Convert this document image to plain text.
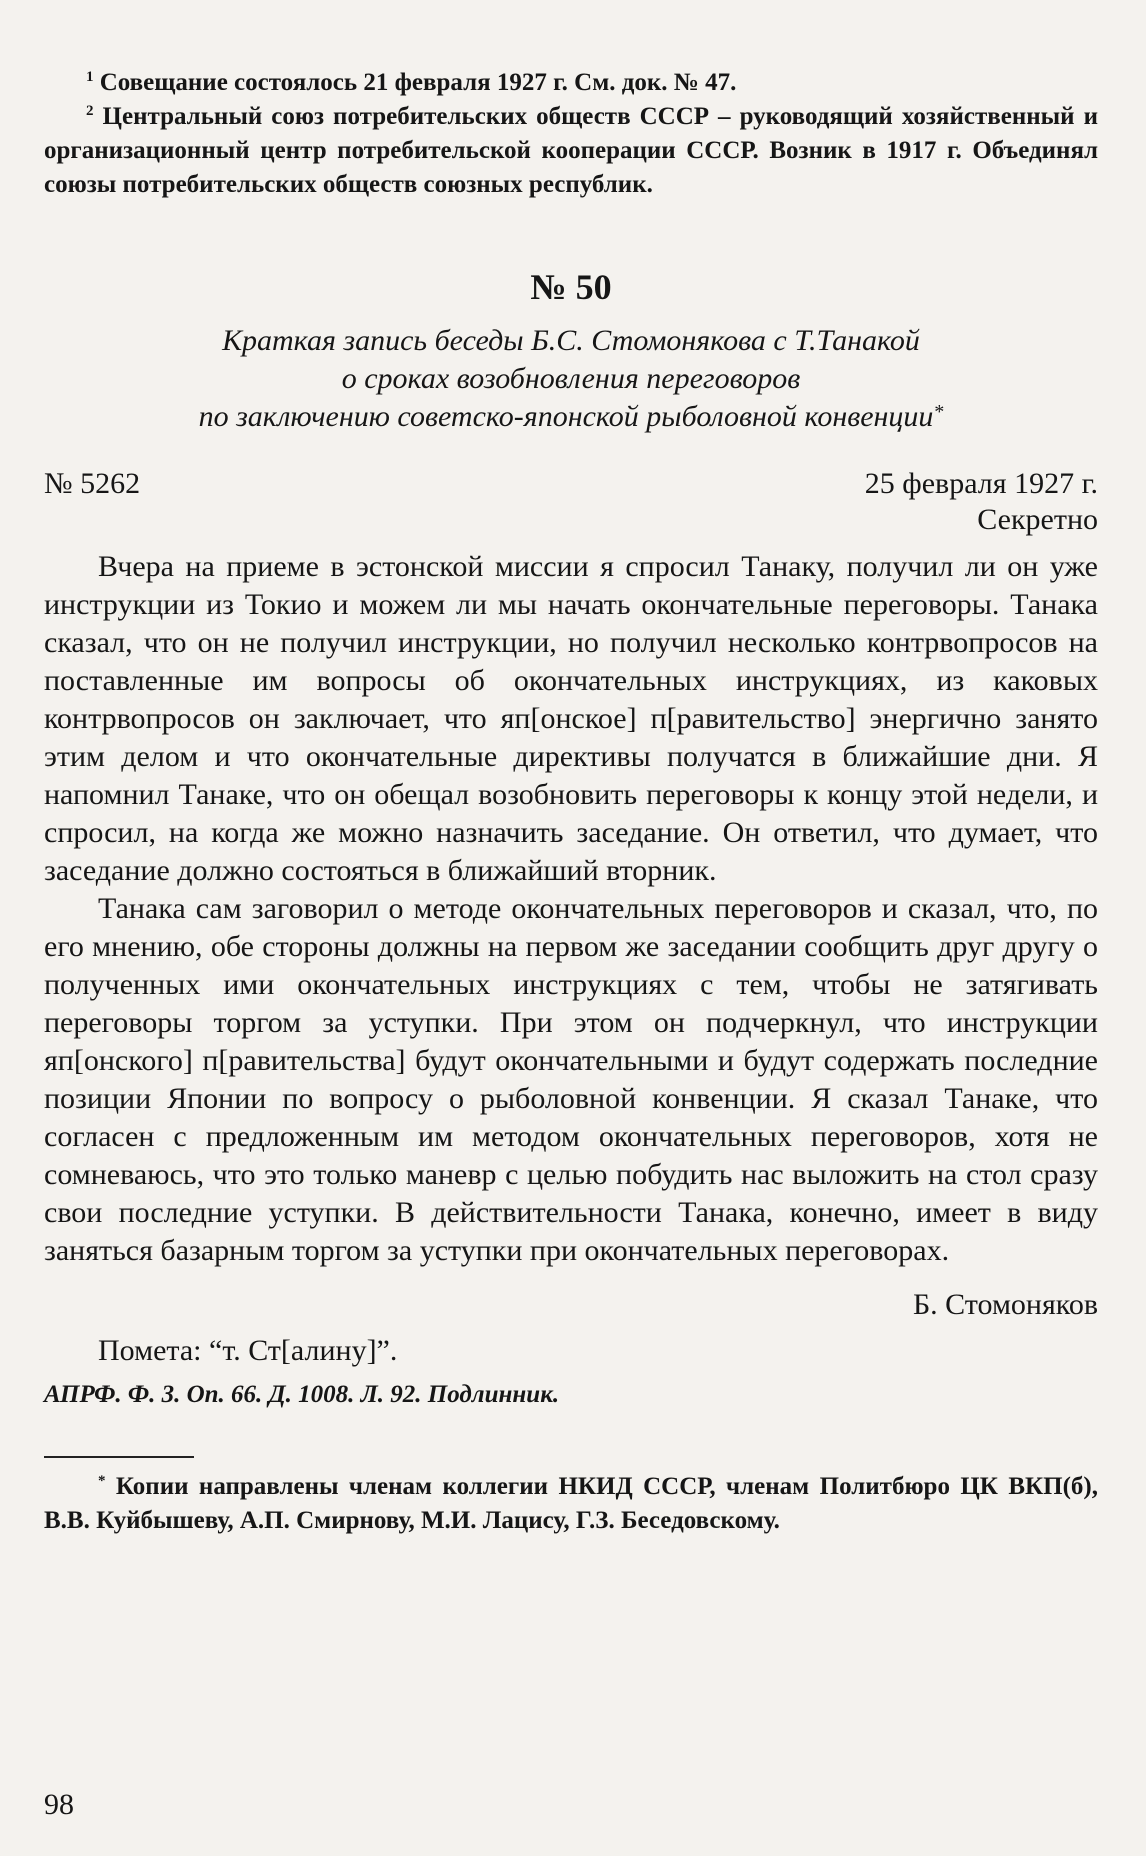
$^1$ Совещание состоялось 21 февраля 1927 г. См. док. № 47.

$^2$ Центральный союз потребительских обществ СССР – руководящий хозяйственный и организационный центр потребительской кооперации СССР. Возник в 1917 г. Объединял союзы потребительских обществ союзных республик.

№ 50
Краткая запись беседы Б.С. Стомонякова с Т.Танакой
о сроках возобновления переговоров
по заключению советско-японской рыболовной конвенции*
№ 5262	25 февраля 1927 г.
Секретно

Вчера на приеме в эстонской миссии я спросил Танаку, получил ли он уже инструкции из Токио и можем ли мы начать окончательные переговоры. Танака сказал, что он не получил инструкции, но получил несколько контрвопросов на поставленные им вопросы об окончательных инструкциях, из каковых контрвопросов он заключает, что яп[онское] п[равительство] энергично занято этим делом и что окончательные директивы получатся в ближайшие дни. Я напомнил Танаке, что он обещал возобновить переговоры к концу этой недели, и спросил, на когда же можно назначить заседание. Он ответил, что думает, что заседание должно состояться в ближайший вторник.

Танака сам заговорил о методе окончательных переговоров и сказал, что, по его мнению, обе стороны должны на первом же заседании сообщить друг другу о полученных ими окончательных инструкциях с тем, чтобы не затягивать переговоры торгом за уступки. При этом он подчеркнул, что инструкции яп[онского] п[равительства] будут окончательными и будут содержать последние позиции Японии по вопросу о рыболовной конвенции. Я сказал Танаке, что согласен с предложенным им методом окончательных переговоров, хотя не сомневаюсь, что это только маневр с целью побудить нас выложить на стол сразу свои последние уступки. В действительности Танака, конечно, имеет в виду заняться базарным торгом за уступки при окончательных переговорах.

Б. Стомоняков

Помета: “т. Ст[алину]”.

АПРФ. Ф. 3. Оп. 66. Д. 1008. Л. 92. Подлинник.

* Копии направлены членам коллегии НКИД СССР, членам Политбюро ЦК ВКП(б), В.В. Куйбышеву, А.П. Смирнову, М.И. Лацису, Г.З. Беседовскому.

98
